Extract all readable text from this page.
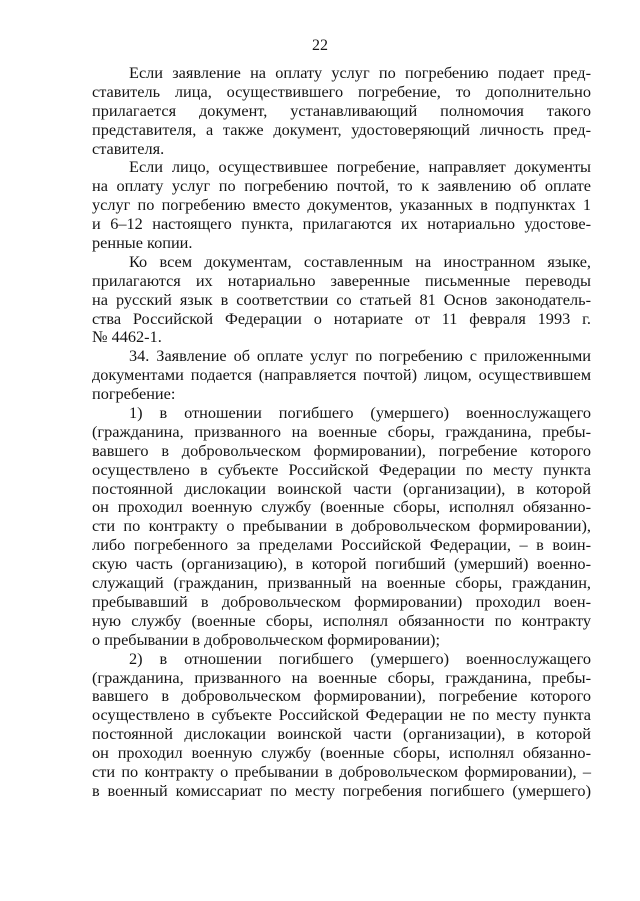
22
Если заявление на оплату услуг по погребению подает пред-
ставитель лица, осуществившего погребение, то дополнительно
прилагается документ, устанавливающий полномочия такого
представителя, а также документ, удостоверяющий личность пред-
ставителя.
Если лицо, осуществившее погребение, направляет документы
на оплату услуг по погребению почтой, то к заявлению об оплате
услуг по погребению вместо документов, указанных в подпунктах 1
и 6–12 настоящего пункта, прилагаются их нотариально удостове-
ренные копии.
Ко всем документам, составленным на иностранном языке,
прилагаются их нотариально заверенные письменные переводы
на русский язык в соответствии со статьей 81 Основ законодатель-
ства Российской Федерации о нотариате от 11 февраля 1993 г.
№ 4462-1.
34. Заявление об оплате услуг по погребению с приложенными
документами подается (направляется почтой) лицом, осуществившем
погребение:
1) в отношении погибшего (умершего) военнослужащего
(гражданина, призванного на военные сборы, гражданина, пребы-
вавшего в добровольческом формировании), погребение которого
осуществлено в субъекте Российской Федерации по месту пункта
постоянной дислокации воинской части (организации), в которой
он проходил военную службу (военные сборы, исполнял обязанно-
сти по контракту о пребывании в добровольческом формировании),
либо погребенного за пределами Российской Федерации, – в воин-
скую часть (организацию), в которой погибший (умерший) военно-
служащий (гражданин, призванный на военные сборы, гражданин,
пребывавший в добровольческом формировании) проходил воен-
ную службу (военные сборы, исполнял обязанности по контракту
о пребывании в добровольческом формировании);
2) в отношении погибшего (умершего) военнослужащего
(гражданина, призванного на военные сборы, гражданина, пребы-
вавшего в добровольческом формировании), погребение которого
осуществлено в субъекте Российской Федерации не по месту пункта
постоянной дислокации воинской части (организации), в которой
он проходил военную службу (военные сборы, исполнял обязанно-
сти по контракту о пребывании в добровольческом формировании), –
в военный комиссариат по месту погребения погибшего (умершего)
